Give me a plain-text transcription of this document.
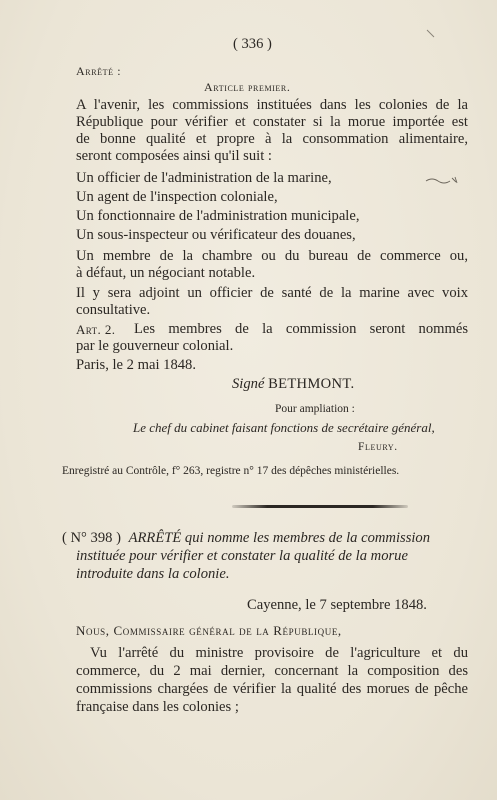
( 336 )
Arrêté :
Article premier.
A l'avenir, les commissions instituées dans les colonies de la
République pour vérifier et constater si la morue importée est
de bonne qualité et propre à la consommation alimentaire,
seront composées ainsi qu'il suit :
Un officier de l'administration de la marine,
Un agent de l'inspection coloniale,
Un fonctionnaire de l'administration municipale,
Un sous-inspecteur ou vérificateur des douanes,
Un membre de la chambre ou du bureau de commerce ou,
à défaut, un négociant notable.
Il y sera adjoint un officier de santé de la marine avec voix
consultative.
Art. 2. Les membres de la commission seront nommés
par le gouverneur colonial.
Paris, le 2 mai 1848.
Signé BETHMONT.
Pour ampliation :
Le chef du cabinet faisant fonctions de secrétaire général,
Fleury.
Enregistré au Contrôle, f° 263, registre n° 17 des dépêches ministérielles.
( N° 398 ) ARRÊTÉ qui nomme les membres de la commission
instituée pour vérifier et constater la qualité de la morue
introduite dans la colonie.
Cayenne, le 7 septembre 1848.
Nous, Commissaire général de la République,
Vu l'arrêté du ministre provisoire de l'agriculture et du
commerce, du 2 mai dernier, concernant la composition des
commissions chargées de vérifier la qualité des morues de pêche
française dans les colonies ;
